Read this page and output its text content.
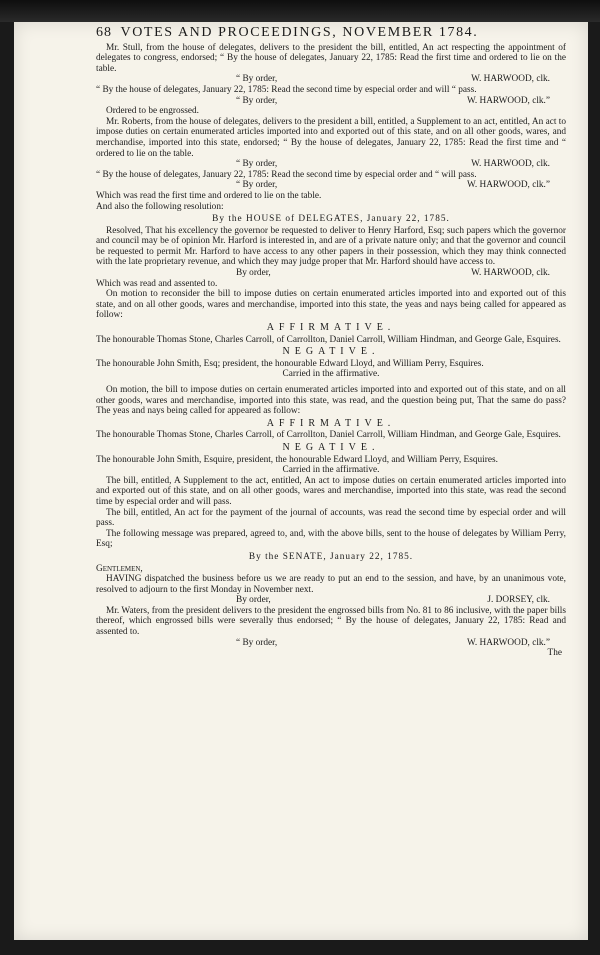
68 VOTES AND PROCEEDINGS, NOVEMBER 1784.

Mr. Stull, from the house of delegates, delivers to the president the bill, entitled, An act respecting the appointment of delegates to congress, endorsed; “ By the house of delegates, January 22, 1785: Read the first time and ordered to lie on the table.

“ By order,	W. HARWOOD, clk.

“ By the house of delegates, January 22, 1785: Read the second time by especial order and will “ pass.

“ By order,	W. HARWOOD, clk.”

Ordered to be engrossed.

Mr. Roberts, from the house of delegates, delivers to the president a bill, entitled, a Supplement to an act, entitled, An act to impose duties on certain enumerated articles imported into and exported out of this state, and on all other goods, wares, and merchandise, imported into this state, endorsed; “ By the house of delegates, January 22, 1785: Read the first time and “ ordered to lie on the table.

“ By order,	W. HARWOOD, clk.

“ By the house of delegates, January 22, 1785: Read the second time by especial order and “ will pass.

“ By order,	W. HARWOOD, clk.”

Which was read the first time and ordered to lie on the table.

And also the following resolution:

By the HOUSE of DELEGATES, January 22, 1785.

Resolved, That his excellency the governor be requested to deliver to Henry Harford, Esq; such papers which the governor and council may be of opinion Mr. Harford is interested in, and are of a private nature only; and that the governor and council be requested to permit Mr. Harford to have access to any other papers in their possession, which they may think connected with the late proprietary revenue, and which they may judge proper that Mr. Harford should have access to.

By order,	W. HARWOOD, clk.

Which was read and assented to.

On motion to reconsider the bill to impose duties on certain enumerated articles imported into and exported out of this state, and on all other goods, wares and merchandise, imported into this state, the yeas and nays being called for appeared as follow:

AFFIRMATIVE.

The honourable Thomas Stone, Charles Carroll, of Carrollton, Daniel Carroll, William Hindman, and George Gale, Esquires.

NEGATIVE.

The honourable John Smith, Esq; president, the honourable Edward Lloyd, and William Perry, Esquires.

Carried in the affirmative.

On motion, the bill to impose duties on certain enumerated articles imported into and exported out of this state, and on all other goods, wares and merchandise, imported into this state, was read, and the question being put, That the same do pass? The yeas and nays being called for appeared as follow:

AFFIRMATIVE.

The honourable Thomas Stone, Charles Carroll, of Carrollton, Daniel Carroll, William Hindman, and George Gale, Esquires.

NEGATIVE.

The honourable John Smith, Esquire, president, the honourable Edward Lloyd, and William Perry, Esquires.

Carried in the affirmative.

The bill, entitled, A Supplement to the act, entitled, An act to impose duties on certain enumerated articles imported into and exported out of this state, and on all other goods, wares and merchandise, imported into this state, was read the second time by especial order and will pass.

The bill, entitled, An act for the payment of the journal of accounts, was read the second time by especial order and will pass.

The following message was prepared, agreed to, and, with the above bills, sent to the house of delegates by William Perry, Esq;

By the SENATE, January 22, 1785.

Gentlemen,

HAVING dispatched the business before us we are ready to put an end to the session, and have, by an unanimous vote, resolved to adjourn to the first Monday in November next.

By order,	J. DORSEY, clk.

Mr. Waters, from the president delivers to the president the engrossed bills from No. 81 to 86 inclusive, with the paper bills thereof, which engrossed bills were severally thus endorsed; “ By the house of delegates, January 22, 1785: Read and assented to.

“ By order,	W. HARWOOD, clk.”

The
